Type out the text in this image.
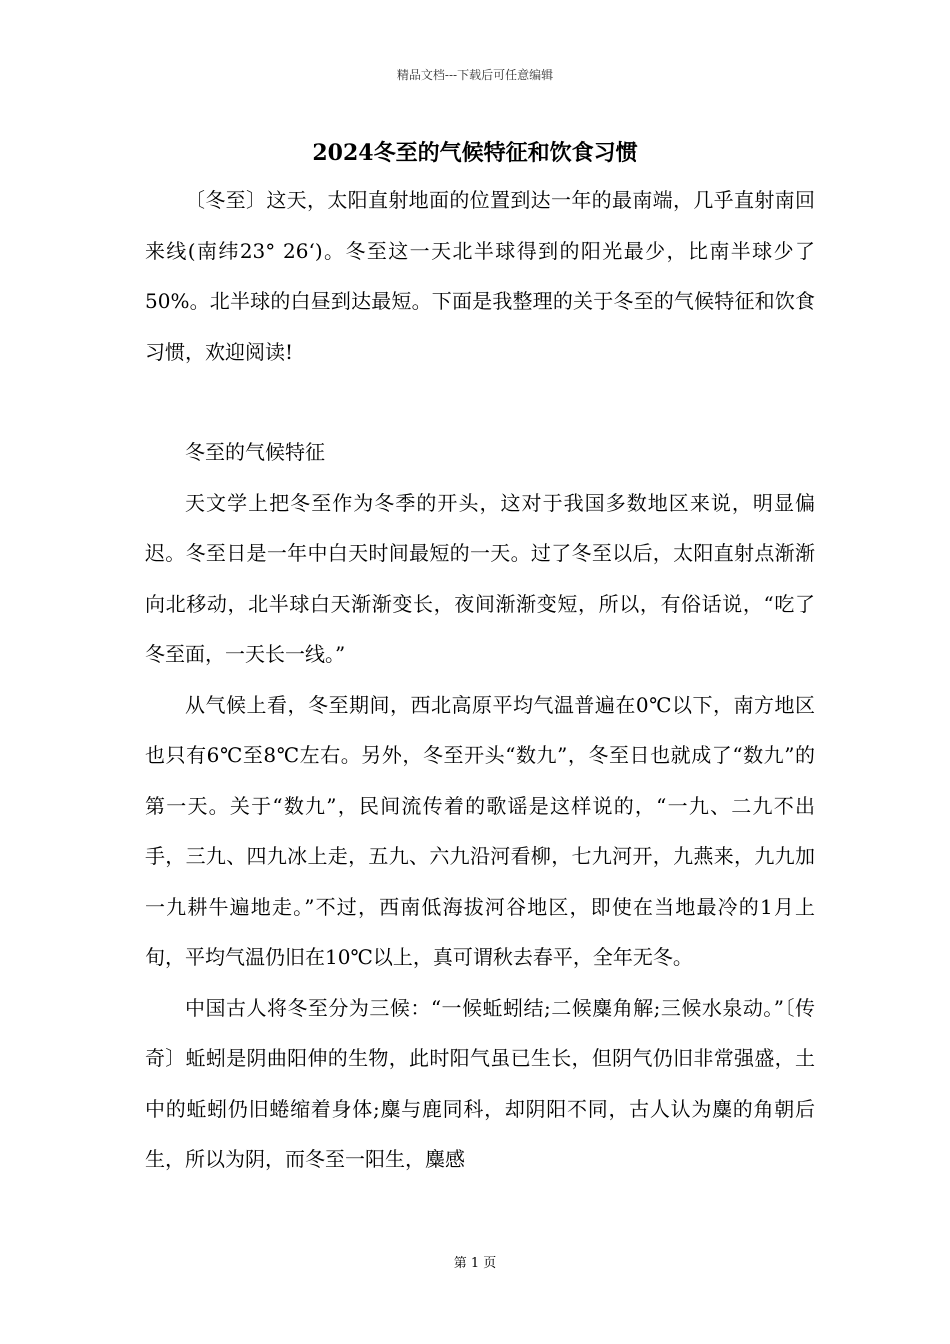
精品文档---下载后可任意编辑
2024冬至的气候特征和饮食习惯

〔冬至〕这天，太阳直射地面的位置到达一年的最南端，几乎直射南回来线(南纬23° 26‘)。冬至这一天北半球得到的阳光最少，比南半球少了50%。北半球的白昼到达最短。下面是我整理的关于冬至的气候特征和饮食习惯，欢迎阅读!

冬至的气候特征

天文学上把冬至作为冬季的开头，这对于我国多数地区来说，明显偏迟。冬至日是一年中白天时间最短的一天。过了冬至以后，太阳直射点渐渐向北移动，北半球白天渐渐变长，夜间渐渐变短，所以，有俗话说，“吃了冬至面，一天长一线。”

从气候上看，冬至期间，西北高原平均气温普遍在0℃以下，南方地区也只有6℃至8℃左右。另外，冬至开头“数九”，冬至日也就成了“数九”的第一天。关于“数九”，民间流传着的歌谣是这样说的，“一九、二九不出手，三九、四九冰上走，五九、六九沿河看柳，七九河开，九燕来，九九加一九耕牛遍地走。”不过，西南低海拔河谷地区，即使在当地最冷的1月上旬，平均气温仍旧在10℃以上，真可谓秋去春平，全年无冬。

中国古人将冬至分为三候：“一候蚯蚓结;二候麋角解;三候水泉动。”〔传奇〕蚯蚓是阴曲阳伸的生物，此时阳气虽已生长，但阴气仍旧非常强盛，土中的蚯蚓仍旧蜷缩着身体;麋与鹿同科，却阴阳不同，古人认为麋的角朝后生，所以为阴，而冬至一阳生，麋感

第 1 页
